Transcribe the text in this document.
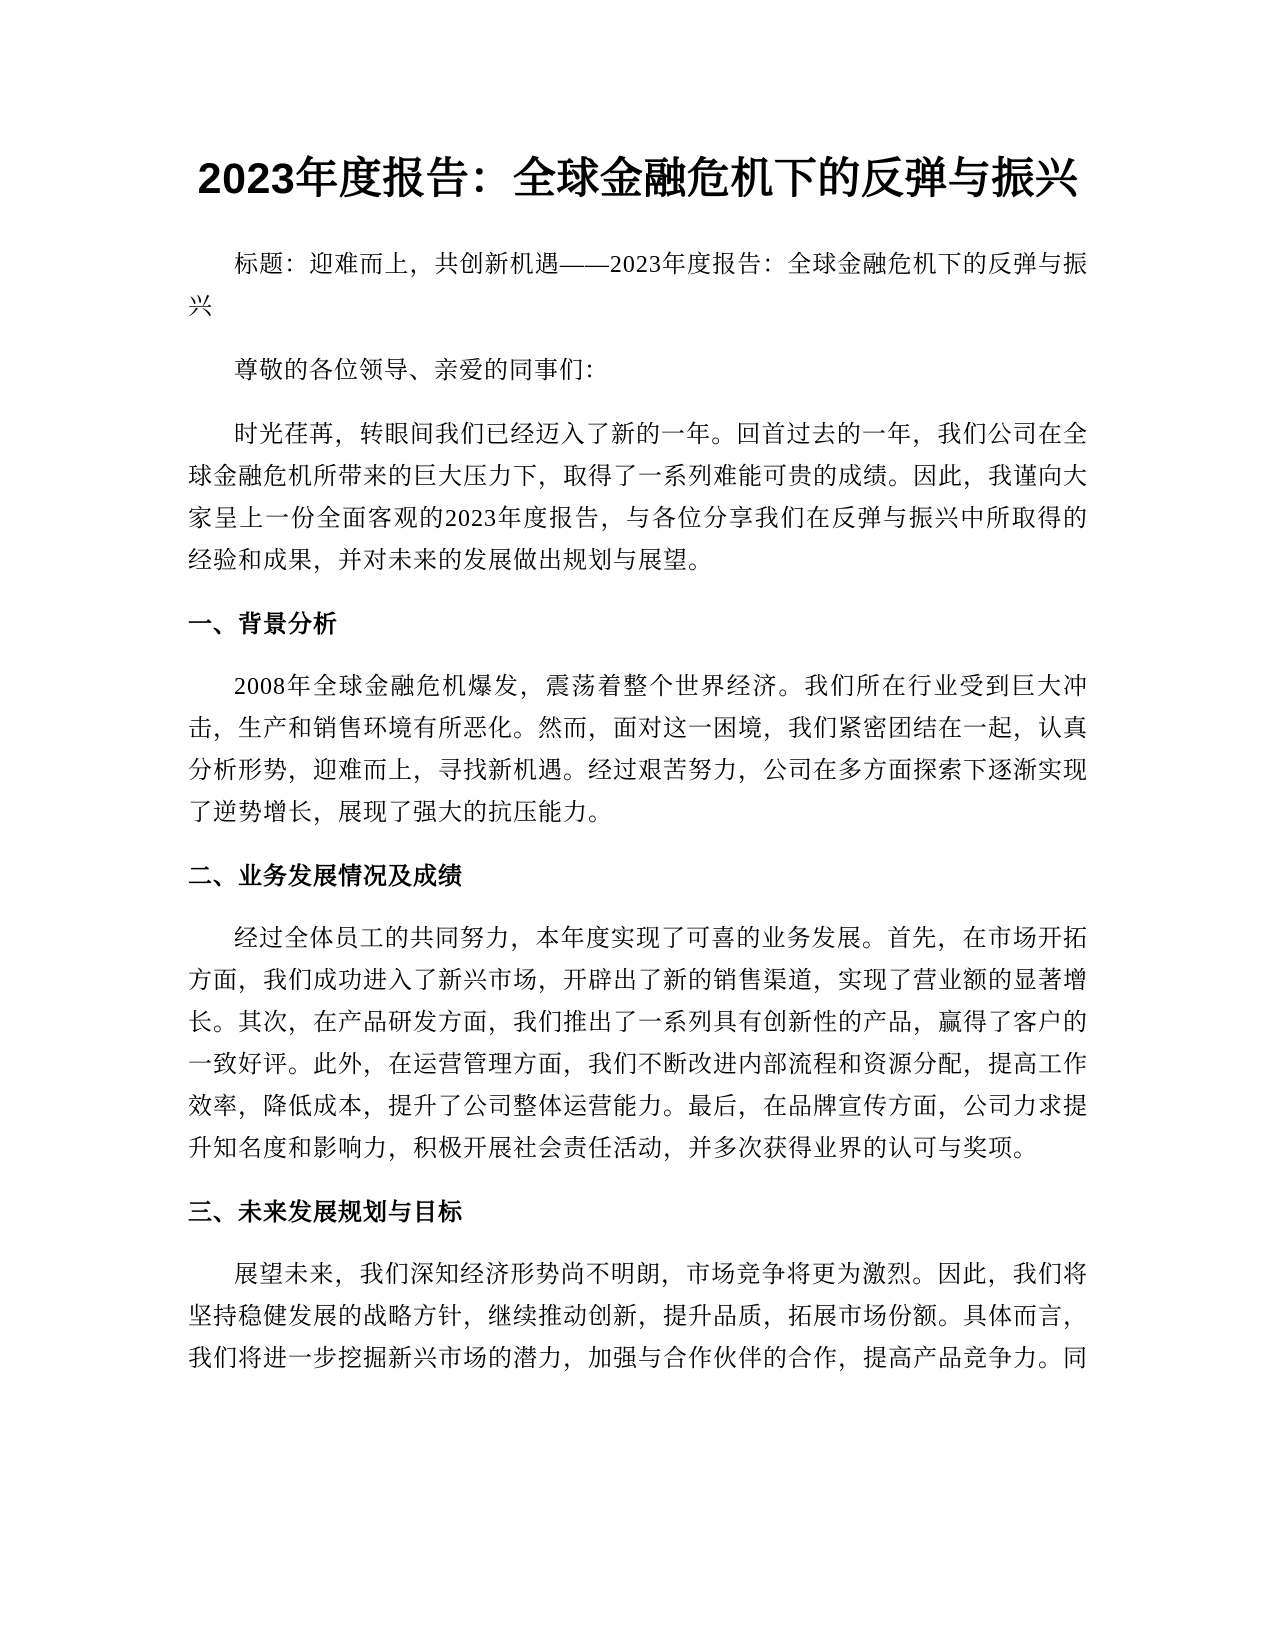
2023年度报告：全球金融危机下的反弹与振兴

标题：迎难而上，共创新机遇——2023年度报告：全球金融危机下的反弹与振兴

尊敬的各位领导、亲爱的同事们：

时光荏苒，转眼间我们已经迈入了新的一年。回首过去的一年，我们公司在全球金融危机所带来的巨大压力下，取得了一系列难能可贵的成绩。因此，我谨向大家呈上一份全面客观的2023年度报告，与各位分享我们在反弹与振兴中所取得的经验和成果，并对未来的发展做出规划与展望。

一、背景分析

2008年全球金融危机爆发，震荡着整个世界经济。我们所在行业受到巨大冲击，生产和销售环境有所恶化。然而，面对这一困境，我们紧密团结在一起，认真分析形势，迎难而上，寻找新机遇。经过艰苦努力，公司在多方面探索下逐渐实现了逆势增长，展现了强大的抗压能力。

二、业务发展情况及成绩

经过全体员工的共同努力，本年度实现了可喜的业务发展。首先，在市场开拓方面，我们成功进入了新兴市场，开辟出了新的销售渠道，实现了营业额的显著增长。其次，在产品研发方面，我们推出了一系列具有创新性的产品，赢得了客户的一致好评。此外，在运营管理方面，我们不断改进内部流程和资源分配，提高工作效率，降低成本，提升了公司整体运营能力。最后，在品牌宣传方面，公司力求提升知名度和影响力，积极开展社会责任活动，并多次获得业界的认可与奖项。

三、未来发展规划与目标

展望未来，我们深知经济形势尚不明朗，市场竞争将更为激烈。因此，我们将坚持稳健发展的战略方针，继续推动创新，提升品质，拓展市场份额。具体而言，我们将进一步挖掘新兴市场的潜力，加强与合作伙伴的合作，提高产品竞争力。同
